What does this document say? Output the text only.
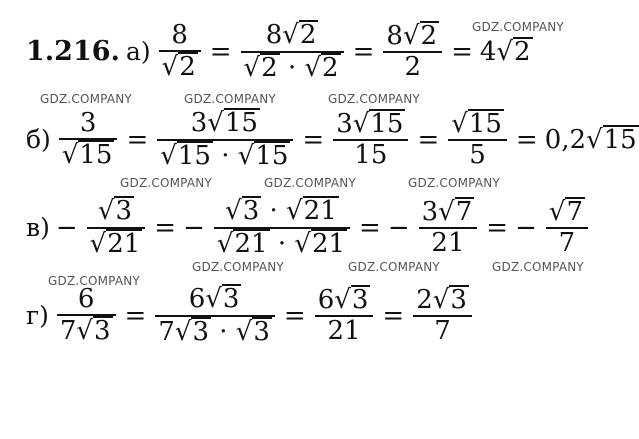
GDZ.COMPANY
GDZ.COMPANY	GDZ.COMPANY	GDZ.COMPANY
GDZ.COMPANY	GDZ.COMPANY	GDZ.COMPANY
GDZ.COMPANY	GDZ.COMPANY	GDZ.COMPANY
GDZ.COMPANY
1.216. $а) \frac{8}{√2} = \frac{8√2}{√2 \cdot √2} = \frac{8√2}{2} = 4√2$
$б) \frac{3}{√15} = \frac{3√15}{√15 \cdot √15} = \frac{3√15}{15} = \frac{√15}{5} = 0,2√15$
$в) - \frac{√3}{√21}$ = − $\frac{√3 \cdot √21}{√21 \cdot √21}$ = − $\frac{3√7}{21}$ = − $\frac{√7}{7}$
$г) \frac{6}{7√3} = \frac{6√3}{7√3 \cdot √3} = \frac{6√3}{21} = \frac{2√3}{7}$
